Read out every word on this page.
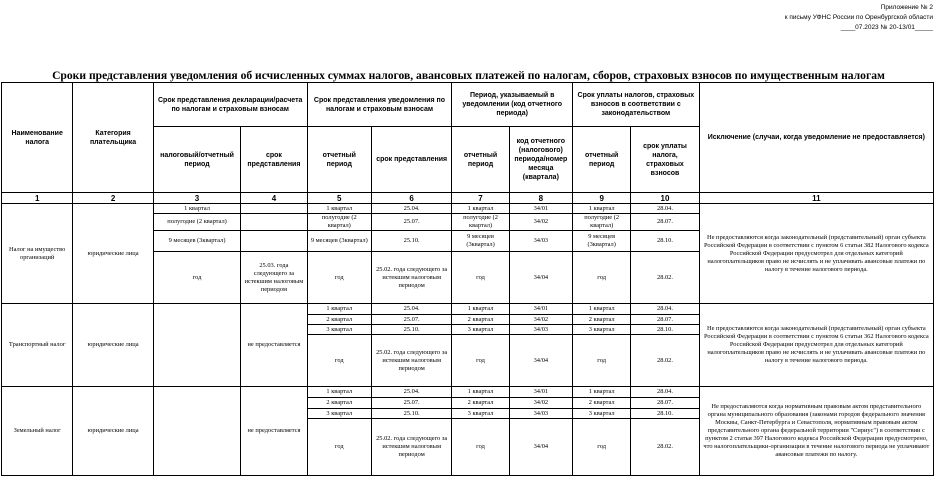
Приложение № 2
к письму УФНС России по Оренбургской области
____07.2023 № 20-13/01_____
Сроки представления уведомления об исчисленных суммах налогов, авансовых платежей по налогам, сборов, страховых взносов по имущественным налогам
Наименование налога	Категория плательщика	Срок представления декларации/расчета по налогам и страховым взносам		Срок представления уведомления по налогам и страховым взносам		Период, указываемый в уведомлении (код отчетного периода)		Срок уплаты налогов, страховых взносов в соответствии с законодательством		Исключение (случаи, когда уведомление не предоставляется)
		налоговый/отчетный период	срок представления	отчетный период	срок представления	отчетный период	код отчетного (налогового) периода/номер месяца (квартала)	отчетный период	срок уплаты налога, страховых взносов	
1	2	3	4	5	6	7	8	9	10	11
Налог на имущество организаций	юридические лица	1 квартал		1 квартал	25.04.	1 квартал	34/01	1 квартал	28.04.	Не предоставляются когда законодательный (представительный) орган субъекта Российской Федерации в соответствии с пунктом 6 статьи 382 Налогового кодекса Российской Федерации предусмотрел для отдельных категорий налогоплательщиков право не исчислять и не уплачивать авансовые платежи по налогу в течение налогового периода.
		полугодие (2 квартал)		полугодие (2 квартал)	25.07.	полугодие (2 квартал)	34/02	полугодие (2 квартал)	28.07.	
		9 месяцев (3квартал)		9 месяцев (3квартал)	25.10.	9 месяцев (3квартал)	34/03	9 месяцев (3квартал)	28.10.	
		год	25.03. года следующего за истекшим налоговым периодом	год	25.02. года следующего за истекшим налоговым периодом	год	34/04	год	28.02.	
Транспортный налог	юридические лица		не предоставляется	1 квартал	25.04.	1 квартал	34/01	1 квартал	28.04.	Не предоставляются когда законодательный (представительный) орган субъекта Российской Федерации в соответствии с пунктом 6 статьи 362 Налогового кодекса Российской Федерации предусмотрел для отдельных категорий налогоплательщиков право не исчислять и не уплачивать авансовые платежи по налогу в течение налогового периода.
				2 квартал	25.07.	2 квартал	34/02	2 квартал	28.07.	
				3 квартал	25.10.	3 квартал	34/03	3 квартал	28.10.	
				год	25.02. года следующего за истекшим налоговым периодом	год	34/04	год	28.02.	
Земельный налог	юридические лица		не предоставляется	1 квартал	25.04.	1 квартал	34/01	1 квартал	28.04.	Не предоставляются когда нормативным правовым актом представительного органа муниципального образования (законами городов федерального значения Москвы, Санкт-Петербурга и Севастополя, нормативным правовым актом представительного органа федеральной территории "Сириус") в соответствии с пунктом 2 статьи 397 Налогового кодекса Российской Федерации предусмотрено, что налогоплательщики-организации в течение налогового периода не уплачивают авансовые платежи по налогу.
				2 квартал	25.07.	2 квартал	34/02	2 квартал	28.07.	
				3 квартал	25.10.	3 квартал	34/03	3 квартал	28.10.	
				год	25.02. года следующего за истекшим налоговым периодом	год	34/04	год	28.02.	
